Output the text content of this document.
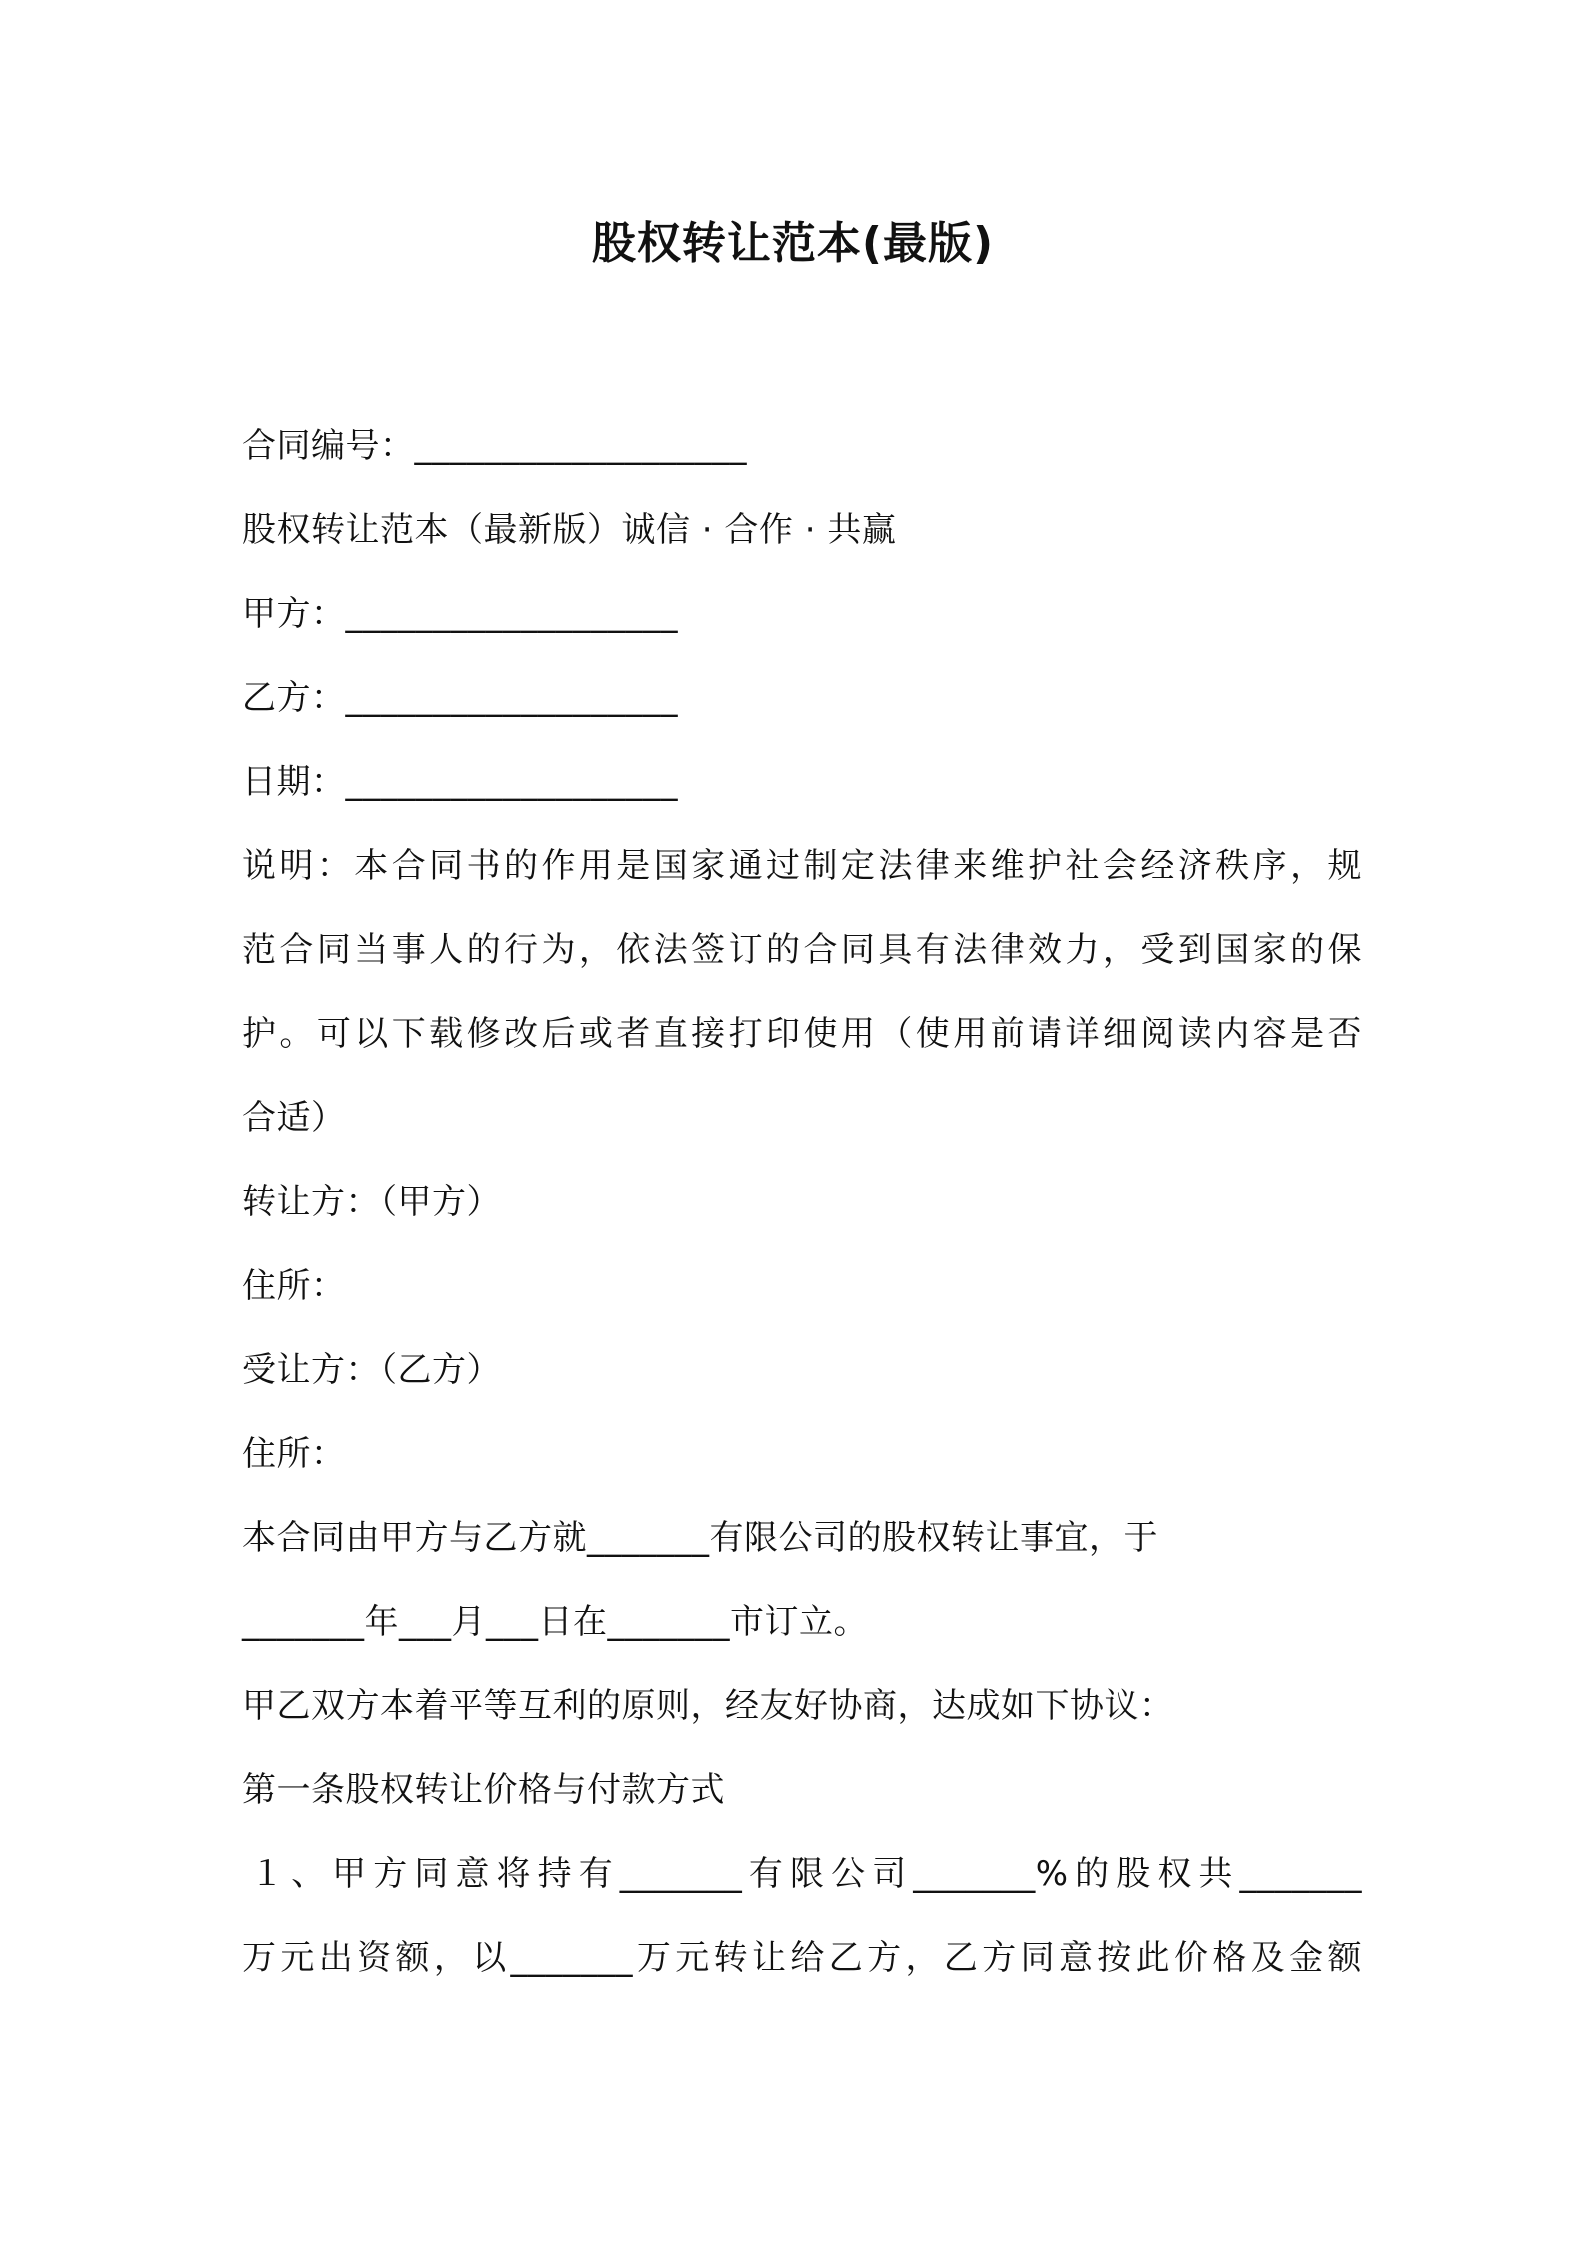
股权转让范本(最版)
合同编号：___________________
股权转让范本（最新版）诚信 · 合作 · 共赢
甲方：___________________
乙方：___________________
日期：___________________
说明：本合同书的作用是国家通过制定法律来维护社会经济秩序，规
范合同当事人的行为，依法签订的合同具有法律效力，受到国家的保
护。可以下载修改后或者直接打印使用（使用前请详细阅读内容是否
合适）
转让方：（甲方）
住所：
受让方：（乙方）
住所：
本合同由甲方与乙方就_______有限公司的股权转让事宜，于
_______年___月___日在_______市订立。
甲乙双方本着平等互利的原则，经友好协商，达成如下协议：
第一条股权转让价格与付款方式
１、甲方同意将持有_______有限公司_______%的股权共_______
万元出资额，以_______万元转让给乙方，乙方同意按此价格及金额
